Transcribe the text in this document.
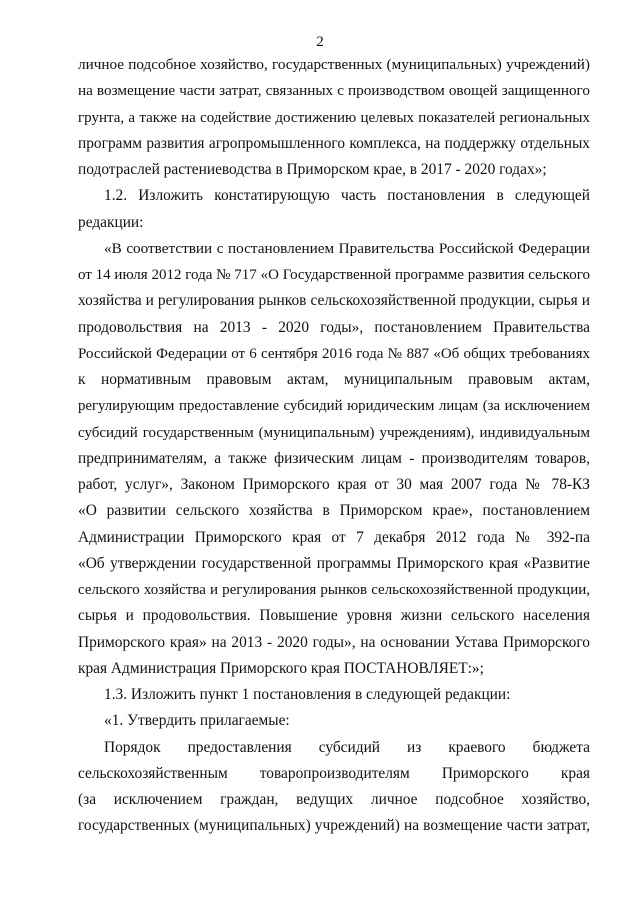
2
личное подсобное хозяйство, государственных (муниципальных) учреждений)
на возмещение части затрат, связанных с производством овощей защищенного
грунта, а также на содействие достижению целевых показателей региональных
программ развития агропромышленного комплекса, на поддержку отдельных
подотраслей растениеводства в Приморском крае, в 2017 - 2020 годах»;
1.2. Изложить констатирующую часть постановления в следующей
редакции:
«В соответствии с постановлением Правительства Российской Федерации
от 14 июля 2012 года № 717 «О Государственной программе развития сельского
хозяйства и регулирования рынков сельскохозяйственной продукции, сырья и
продовольствия на 2013 - 2020 годы», постановлением Правительства
Российской Федерации от 6 сентября 2016 года № 887 «Об общих требованиях
к нормативным правовым актам, муниципальным правовым актам,
регулирующим предоставление субсидий юридическим лицам (за исключением
субсидий государственным (муниципальным) учреждениям), индивидуальным
предпринимателям, а также физическим лицам - производителям товаров,
работ, услуг», Законом Приморского края от 30 мая 2007 года № 78-КЗ
«О развитии сельского хозяйства в Приморском крае», постановлением
Администрации Приморского края от 7 декабря 2012 года № 392-па
«Об утверждении государственной программы Приморского края «Развитие
сельского хозяйства и регулирования рынков сельскохозяйственной продукции,
сырья и продовольствия. Повышение уровня жизни сельского населения
Приморского края» на 2013 - 2020 годы», на основании Устава Приморского
края Администрация Приморского края ПОСТАНОВЛЯЕТ:»;
1.3. Изложить пункт 1 постановления в следующей редакции:
«1. Утвердить прилагаемые:
Порядок предоставления субсидий из краевого бюджета
сельскохозяйственным товаропроизводителям Приморского края
(за исключением граждан, ведущих личное подсобное хозяйство,
государственных (муниципальных) учреждений) на возмещение части затрат,
